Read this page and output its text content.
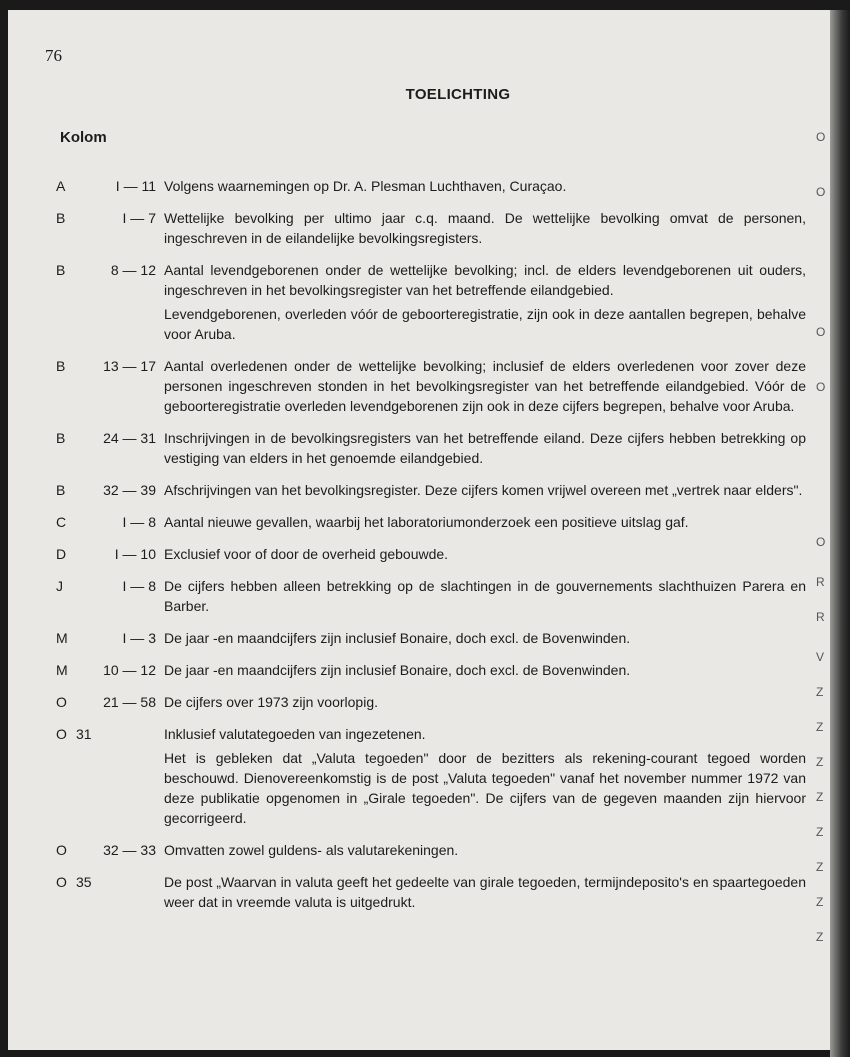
76
TOELICHTING
Kolom
A	I — 11 Volgens waarnemingen op Dr. A. Plesman Luchthaven, Curaçao.

B	I — 7 Wettelijke bevolking per ultimo jaar c.q. maand. De wettelijke bevolking omvat de personen, ingeschreven in de eilandelijke bevolkingsregisters.

B	8 — 12 Aantal levendgeborenen onder de wettelijke bevolking; incl. de elders levendgeborenen uit ouders, ingeschreven in het bevolkingsregister van het betreffende eilandgebied.

Levendgeborenen, overleden vóór de geboorteregistratie, zijn ook in deze aantallen begrepen, behalve voor Aruba.

B	13 — 17 Aantal overledenen onder de wettelijke bevolking; inclusief de elders overledenen voor zover deze personen ingeschreven stonden in het bevolkingsregister van het betreffende eilandgebied. Vóór de geboorteregistratie overleden levendgeborenen zijn ook in deze cijfers begrepen, behalve voor Aruba.

B	24 — 31 Inschrijvingen in de bevolkingsregisters van het betreffende eiland. Deze cijfers hebben betrekking op vestiging van elders in het genoemde eilandgebied.

B	32 — 39 Afschrijvingen van het bevolkingsregister. Deze cijfers komen vrijwel overeen met „vertrek naar elders".

C	I — 8 Aantal nieuwe gevallen, waarbij het laboratoriumonderzoek een positieve uitslag gaf.

D	I — 10 Exclusief voor of door de overheid gebouwde.

J	I — 8 De cijfers hebben alleen betrekking op de slachtingen in de gouvernements slachthuizen Parera en Barber.

M	I — 3 De jaar -en maandcijfers zijn inclusief Bonaire, doch excl. de Bovenwinden.

M	10 — 12 De jaar -en maandcijfers zijn inclusief Bonaire, doch excl. de Bovenwinden.

O	21 — 58 De cijfers over 1973 zijn voorlopig.

O 31	Inklusief valutategoeden van ingezetenen.

Het is gebleken dat „Valuta tegoeden" door de bezitters als rekening-courant tegoed worden beschouwd. Dienovereenkomstig is de post „Valuta tegoeden" vanaf het november nummer 1972 van deze publikatie opgenomen in „Girale tegoeden". De cijfers van de gegeven maanden zijn hiervoor gecorrigeerd.

O	32 — 33 Omvatten zowel guldens- als valutarekeningen.

O 35	De post „Waarvan in valuta geeft het gedeelte van girale tegoeden, termijndeposito's en spaartegoeden weer dat in vreemde valuta is uitgedrukt.

O
O
O
O
O
R
R
V
Z
Z
Z
Z
Z
Z
Z
Z
